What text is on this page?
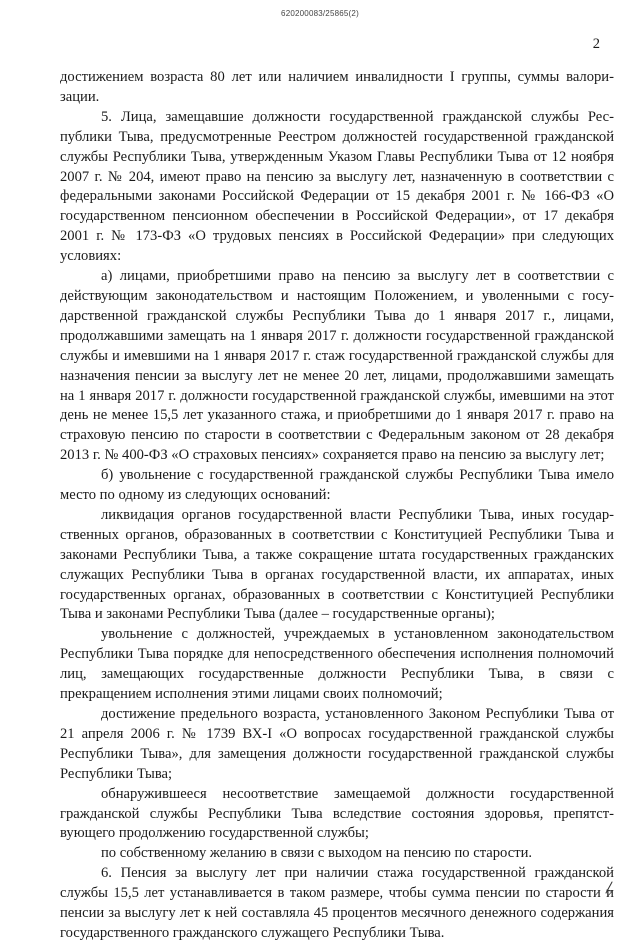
620200083/25865(2)
2

достижением возраста 80 лет или наличием инвалидности I группы, суммы валоризации.

5. Лица, замещавшие должности государственной гражданской службы Республики Тыва, предусмотренные Реестром должностей государственной гражданской службы Республики Тыва, утвержденным Указом Главы Республики Тыва от 12 ноября 2007 г. № 204, имеют право на пенсию за выслугу лет, назначенную в соответствии с федеральными законами Российской Федерации от 15 декабря 2001 г. № 166-ФЗ «О государственном пенсионном обеспечении в Российской Федерации», от 17 декабря 2001 г. № 173-ФЗ «О трудовых пенсиях в Российской Федерации» при следующих условиях:

а) лицами, приобретшими право на пенсию за выслугу лет в соответствии с действующим законодательством и настоящим Положением, и уволенными с государственной гражданской службы Республики Тыва до 1 января 2017 г., лицами, продолжавшими замещать на 1 января 2017 г. должности государственной гражданской службы и имевшими на 1 января 2017 г. стаж государственной гражданской службы для назначения пенсии за выслугу лет не менее 20 лет, лицами, продолжавшими замещать на 1 января 2017 г. должности государственной гражданской службы, имевшими на этот день не менее 15,5 лет указанного стажа, и приобретшими до 1 января 2017 г. право на страховую пенсию по старости в соответствии с Федеральным законом от 28 декабря 2013 г. № 400-ФЗ «О страховых пенсиях» сохраняется право на пенсию за выслугу лет;

б) увольнение с государственной гражданской службы Республики Тыва имело место по одному из следующих оснований:

ликвидация органов государственной власти Республики Тыва, иных государственных органов, образованных в соответствии с Конституцией Республики Тыва и законами Республики Тыва, а также сокращение штата государственных гражданских служащих Республики Тыва в органах государственной власти, их аппаратах, иных государственных органах, образованных в соответствии с Конституцией Республики Тыва и законами Республики Тыва (далее – государственные органы);

увольнение с должностей, учреждаемых в установленном законодательством Республики Тыва порядке для непосредственного обеспечения исполнения полномочий лиц, замещающих государственные должности Республики Тыва, в связи с прекращением исполнения этими лицами своих полномочий;

достижение предельного возраста, установленного Законом Республики Тыва от 21 апреля 2006 г. № 1739 ВХ-I «О вопросах государственной гражданской службы Республики Тыва», для замещения должности государственной гражданской службы Республики Тыва;

обнаружившееся несоответствие замещаемой должности государственной гражданской службы Республики Тыва вследствие состояния здоровья, препятствующего продолжению государственной службы;

по собственному желанию в связи с выходом на пенсию по старости.

6. Пенсия за выслугу лет при наличии стажа государственной гражданской службы 15,5 лет устанавливается в таком размере, чтобы сумма пенсии по старости и пенсии за выслугу лет к ней составляла 45 процентов месячного денежного содержания государственного гражданского служащего Республики Тыва.
